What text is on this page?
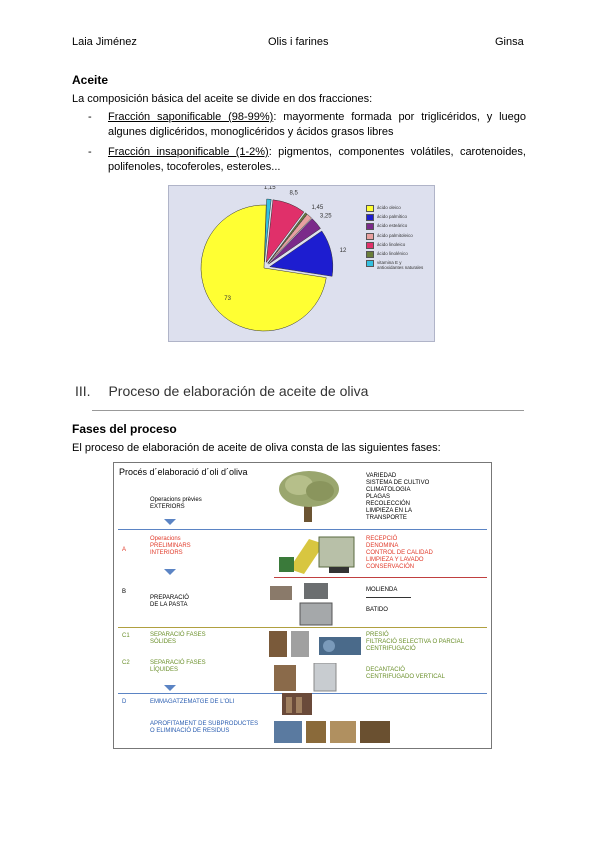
Laia Jiménez	Olis i farines	Ginsa
Aceite
La composición básica del aceite se divide en dos fracciones:
-	Fracción saponificable (98-99%): mayormente formada por triglicéridos, y luego algunes diglicéridos, monoglicéridos y ácidos grasos libres
-	Fracción insaponificable (1-2%): pigmentos, componentes volátiles, carotenoides, polifenoles, tocoferoles, esteroles...
1,15
8,5
1,45
3,25
12
73
ácido oleico
ácido palmítico
ácido esteárico
ácido palmitoleico
ácido linoleico
ácido linolénico
vitamina E y antioxidantes naturales
III. Proceso de elaboración de aceite de oliva
Fases del proceso
El proceso de elaboración de aceite de oliva consta de las siguientes fases:
Procés d´elaboració d´oli d´oliva	VARIEDAD
SISTEMA DE CULTIVO
CLIMATOLOGIA
PLAGAS
RECOLECCIÓN
LIMPIEZA EN LA
TRANSPORTE
Operacions prèvies
EXTERIORS
A
Operacions
PRELIMINARS
INTERIORS
RECEPCIÓ
DENOMINA
CONTROL DE CALIDAD
LIMPIEZA Y LAVADO
CONSERVACIÓN
B
PREPARACIÓ
DE LA PASTA
MOLIENDA
BATIDO
C1	SEPARACIÓ FASES
SÒLIDES
PRESIÓ
FILTRACIÓ SELECTIVA O PARCIAL
CENTRIFUGACIÓ
C2	SEPARACIÓ FASES
LÍQUIDES	DECANTACIÓ
CENTRIFUGADO VERTICAL
D	EMMAGATZEMATGE DE L'OLI
APROFITAMENT DE SUBPRODUCTES
O ELIMINACIÓ DE RESIDUS
